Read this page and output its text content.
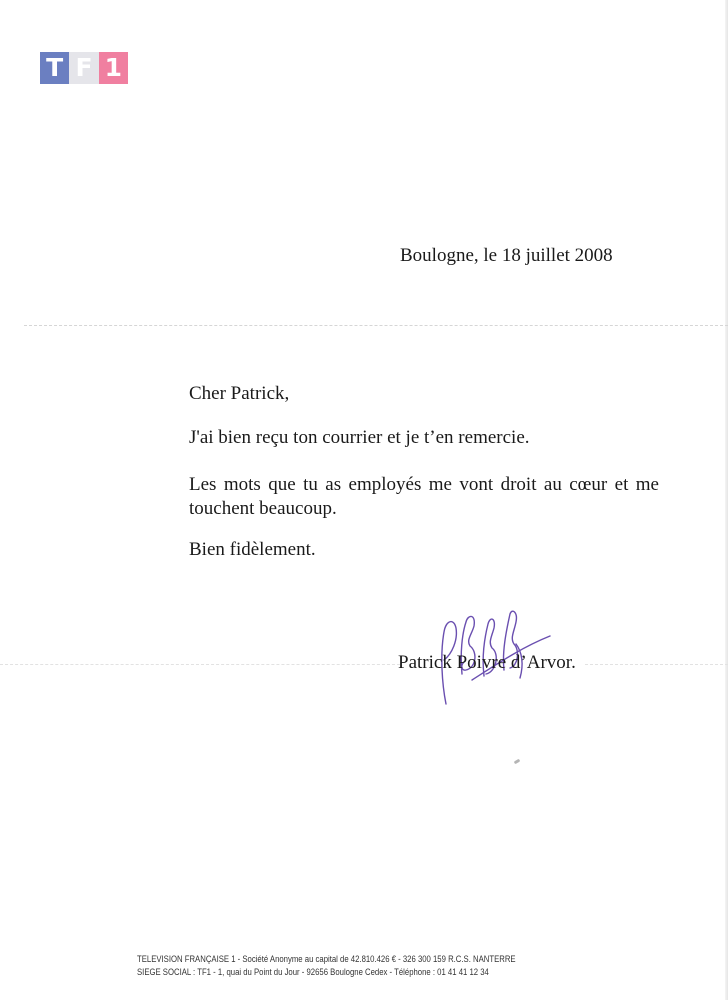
T F 1
Boulogne, le 18 juillet 2008

Cher Patrick,

J'ai bien reçu ton courrier et je t’en remercie.

Les mots que tu as employés me vont droit au cœur et me touchent beaucoup.

Bien fidèlement.

Patrick Poivre d’Arvor.
TELEVISION FRANÇAISE 1 - Société Anonyme au capital de 42.810.426 € - 326 300 159 R.C.S. NANTERRE
SIEGE SOCIAL : TF1 - 1, quai du Point du Jour - 92656 Boulogne Cedex - Téléphone : 01 41 41 12 34
